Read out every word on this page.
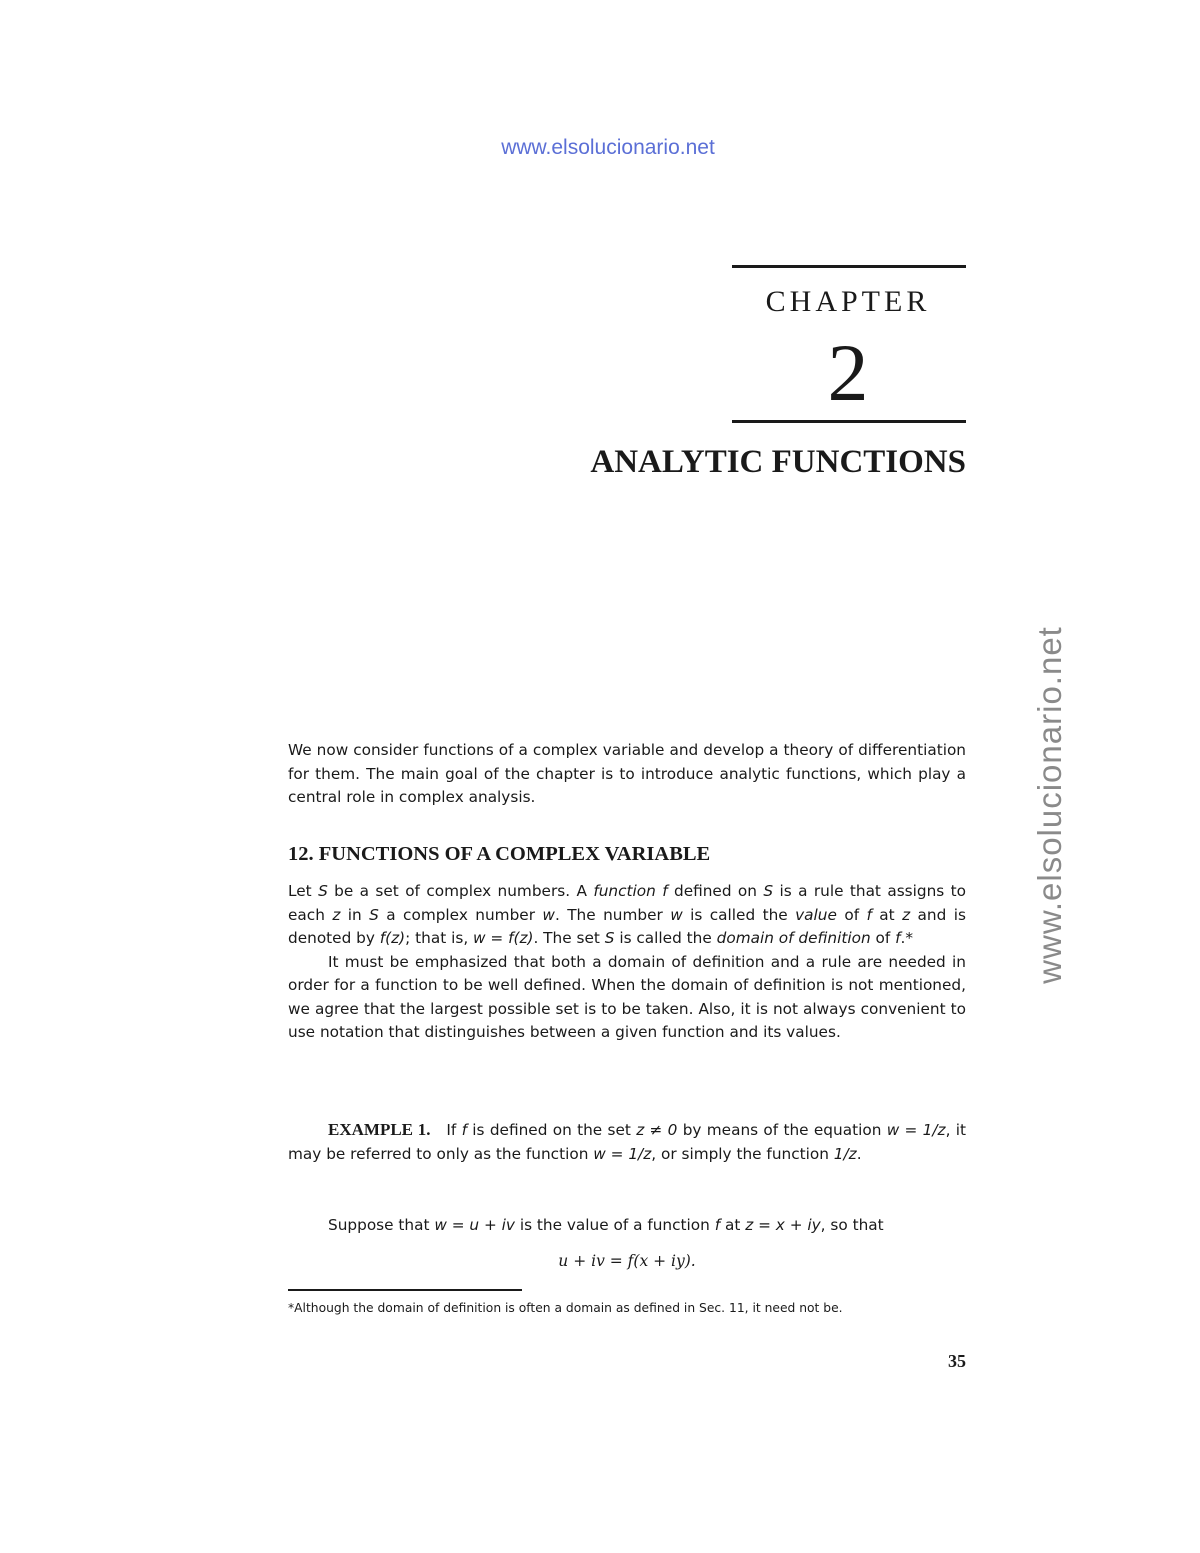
www.elsolucionario.net
www.elsolucionario.net
CHAPTER
2
ANALYTIC FUNCTIONS

We now consider functions of a complex variable and develop a theory of differentiation for them. The main goal of the chapter is to introduce analytic functions, which play a central role in complex analysis.

12. FUNCTIONS OF A COMPLEX VARIABLE

Let S be a set of complex numbers. A function f defined on S is a rule that assigns to each z in S a complex number w. The number w is called the value of f at z and is denoted by f(z); that is, w = f(z). The set S is called the domain of definition of f.*

It must be emphasized that both a domain of definition and a rule are needed in order for a function to be well defined. When the domain of definition is not mentioned, we agree that the largest possible set is to be taken. Also, it is not always convenient to use notation that distinguishes between a given function and its values.

EXAMPLE 1. If f is defined on the set z ≠ 0 by means of the equation w = 1/z, it may be referred to only as the function w = 1/z, or simply the function 1/z.

Suppose that w = u + iv is the value of a function f at z = x + iy, so that

u + iv = f(x + iy).
*Although the domain of definition is often a domain as defined in Sec. 11, it need not be.
35
